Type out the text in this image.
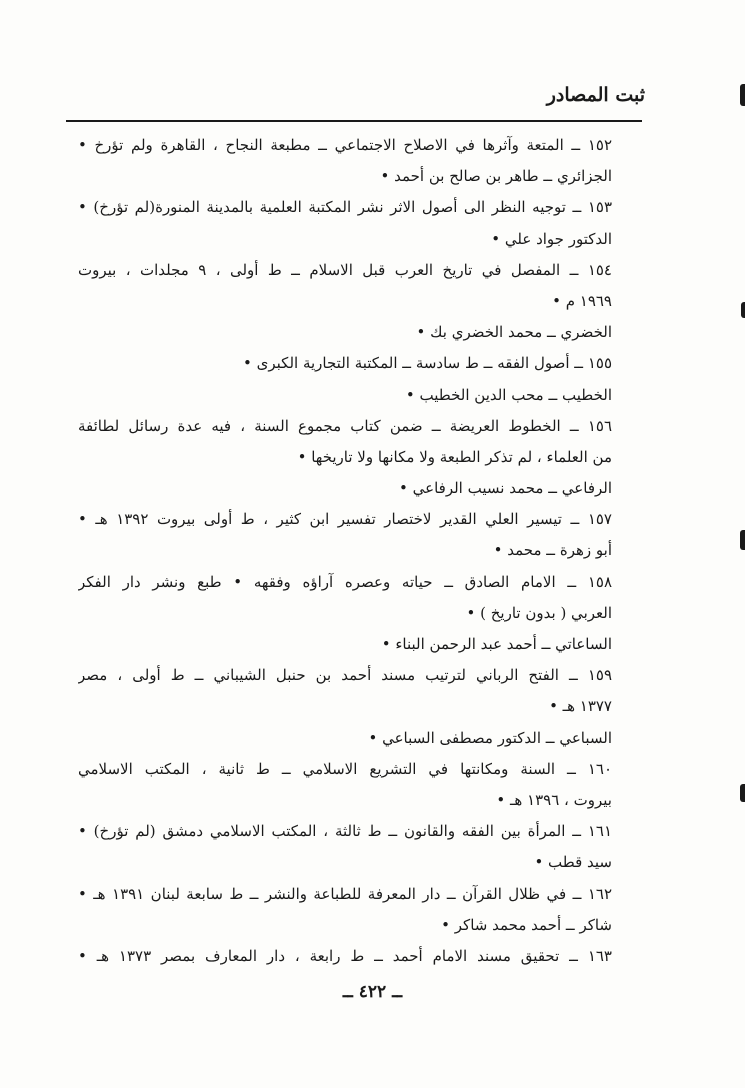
ثبت المصادر
١٥٢ ــ المتعة وآثرها في الاصلاح الاجتماعي ــ مطبعة النجاح ، القاهرة ولم تؤرخ •
الجزائري ــ طاهر بن صالح بن أحمد •
١٥٣ ــ توجيه النظر الى أصول الاثر نشر المكتبة العلمية بالمدينة المنورة(لم تؤرخ) •
الدكتور جواد علي •
١٥٤ ــ المفصل في تاريخ العرب قبل الاسلام ــ ط أولى ، ٩ مجلدات ، بيروت
١٩٦٩ م •
الخضري ــ محمد الخضري بك •
١٥٥ ــ أصول الفقه ــ ط سادسة ــ المكتبة التجارية الكبرى •
الخطيب ــ محب الدين الخطيب •
١٥٦ ــ الخطوط العريضة ــ ضمن كتاب مجموع السنة ، فيه عدة رسائل لطائفة
من العلماء ، لم تذكر الطبعة ولا مكانها ولا تاريخها •
الرفاعي ــ محمد نسيب الرفاعي •
١٥٧ ــ تيسير العلي القدير لاختصار تفسير ابن كثير ، ط أولى بيروت ١٣٩٢ هـ •
أبو زهرة ــ محمد •
١٥٨ ــ الامام الصادق ــ حياته وعصره آراؤه وفقهه • طبع ونشر دار الفكر
العربي ( بدون تاريخ ) •
الساعاتي ــ أحمد عبد الرحمن البناء •
١٥٩ ــ الفتح الرباني لترتيب مسند أحمد بن حنبل الشيباني ــ ط أولى ، مصر
١٣٧٧ هـ •
السباعي ــ الدكتور مصطفى السباعي •
١٦٠ ــ السنة ومكانتها في التشريع الاسلامي ــ ط ثانية ، المكتب الاسلامي
بيروت ، ١٣٩٦ هـ •
١٦١ ــ المرأة بين الفقه والقانون ــ ط ثالثة ، المكتب الاسلامي دمشق (لم تؤرخ) •
سيد قطب •
١٦٢ ــ في ظلال القرآن ــ دار المعرفة للطباعة والنشر ــ ط سابعة لبنان ١٣٩١ هـ •
شاكر ــ أحمد محمد شاكر •
١٦٣ ــ تحقيق مسند الامام أحمد ــ ط رابعة ، دار المعارف بمصر ١٣٧٣ هـ •
ــ ٤٢٢ ــ
